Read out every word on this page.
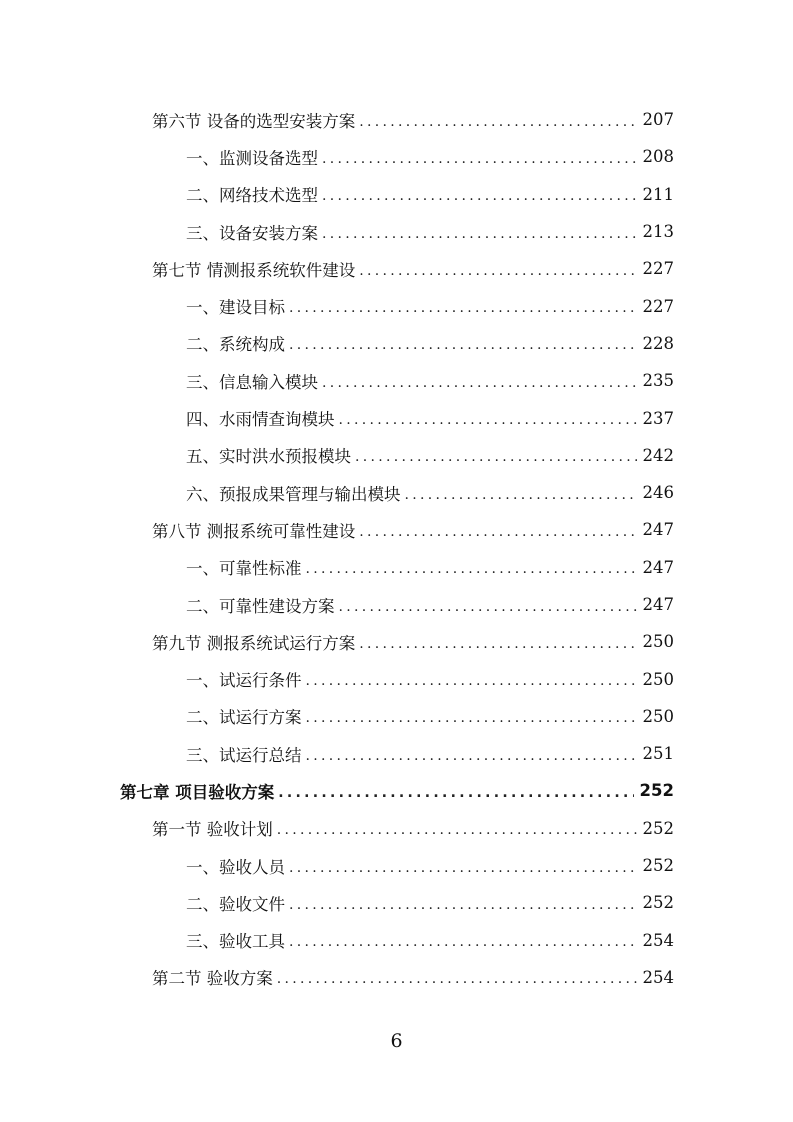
第六节 设备的选型安装方案 .....	207
一、监测设备选型 .....	208
二、网络技术选型 .....	211
三、设备安装方案 .....	213
第七节 情测报系统软件建设 .....	227
一、建设目标 .....	227
二、系统构成 .....	228
三、信息输入模块 .....	235
四、水雨情查询模块 .....	237
五、实时洪水预报模块 .....	242
六、预报成果管理与输出模块 .....	246
第八节 测报系统可靠性建设 .....	247
一、可靠性标准 .....	247
二、可靠性建设方案 .....	247
第九节 测报系统试运行方案 .....	250
一、试运行条件 .....	250
二、试运行方案 .....	250
三、试运行总结 .....	251
第七章 项目验收方案 .....	252
第一节 验收计划 .....	252
一、验收人员 .....	252
二、验收文件 .....	252
三、验收工具 .....	254
第二节 验收方案 .....	254
6
